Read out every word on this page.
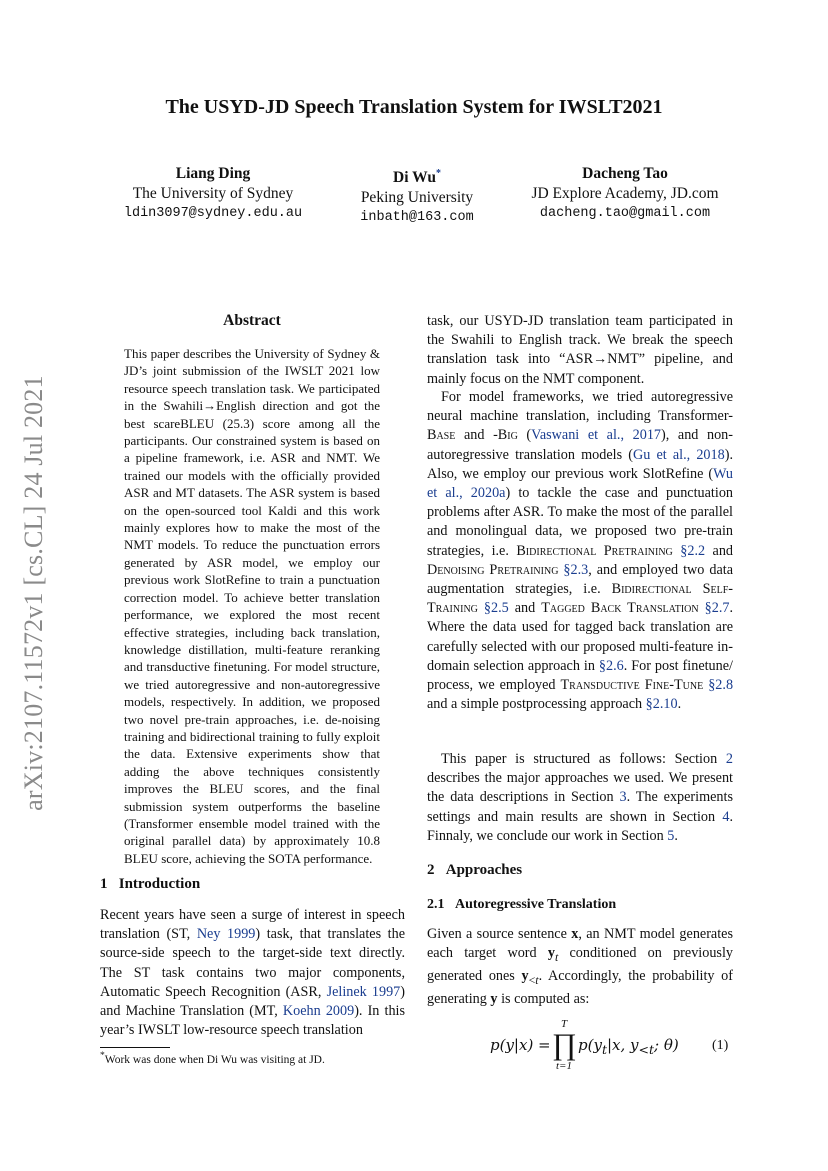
arXiv:2107.11572v1 [cs.CL] 24 Jul 2021
The USYD-JD Speech Translation System for IWSLT2021
Liang Ding
The University of Sydney
ldin3097@sydney.edu.au
Di Wu*
Peking University
inbath@163.com
Dacheng Tao
JD Explore Academy, JD.com
dacheng.tao@gmail.com
Abstract
This paper describes the University of Sydney & JD’s joint submission of the IWSLT 2021 low resource speech translation task. We participated in the Swahili→English direction and got the best scareBLEU (25.3) score among all the participants. Our constrained system is based on a pipeline framework, i.e. ASR and NMT. We trained our models with the officially provided ASR and MT datasets. The ASR system is based on the open-sourced tool Kaldi and this work mainly explores how to make the most of the NMT models. To reduce the punctuation errors generated by ASR model, we employ our previous work SlotRefine to train a punctuation correction model. To achieve better translation performance, we explored the most recent effective strategies, including back translation, knowledge distillation, multi-feature reranking and transductive finetuning. For model structure, we tried autoregressive and non-autoregressive models, respectively. In addition, we proposed two novel pre-train approaches, i.e. de-noising training and bidirectional training to fully exploit the data. Extensive experiments show that adding the above techniques consistently improves the BLEU scores, and the final submission system outperforms the baseline (Transformer ensemble model trained with the original parallel data) by approximately 10.8 BLEU score, achieving the SOTA performance.
1 Introduction
Recent years have seen a surge of interest in speech translation (ST, Ney 1999) task, that translates the source-side speech to the target-side text directly. The ST task contains two major components, Automatic Speech Recognition (ASR, Jelinek 1997) and Machine Translation (MT, Koehn 2009). In this year’s IWSLT low-resource speech translation
*Work was done when Di Wu was visiting at JD.
task, our USYD-JD translation team participated in the Swahili to English track. We break the speech translation task into “ASR→NMT” pipeline, and mainly focus on the NMT component.
For model frameworks, we tried autoregressive neural machine translation, including Transformer-Base and -Big (Vaswani et al., 2017), and non-autoregressive translation models (Gu et al., 2018). Also, we employ our previous work SlotRefine (Wu et al., 2020a) to tackle the case and punctuation problems after ASR. To make the most of the parallel and monolingual data, we proposed two pre-train strategies, i.e. Bidirectional Pretraining §2.2 and Denoising Pretraining §2.3, and employed two data augmentation strategies, i.e. Bidirectional Self-Training §2.5 and Tagged Back Translation §2.7. Where the data used for tagged back translation are carefully selected with our proposed multi-feature in-domain selection approach in §2.6. For post finetune/ process, we employed Transductive Fine-Tune §2.8 and a simple postprocessing approach §2.10.
This paper is structured as follows: Section 2 describes the major approaches we used. We present the data descriptions in Section 3. The experiments settings and main results are shown in Section 4. Finnaly, we conclude our work in Section 5.
2 Approaches
2.1 Autoregressive Translation
Given a source sentence x, an NMT model generates each target word $y_t$ conditioned on previously generated ones $y_{<t}$. Accordingly, the probability of generating y is computed as:
p(y|x) =
T
∏
t=1
$p(y_t|x$, $y_{<t}$; θ) (1)
